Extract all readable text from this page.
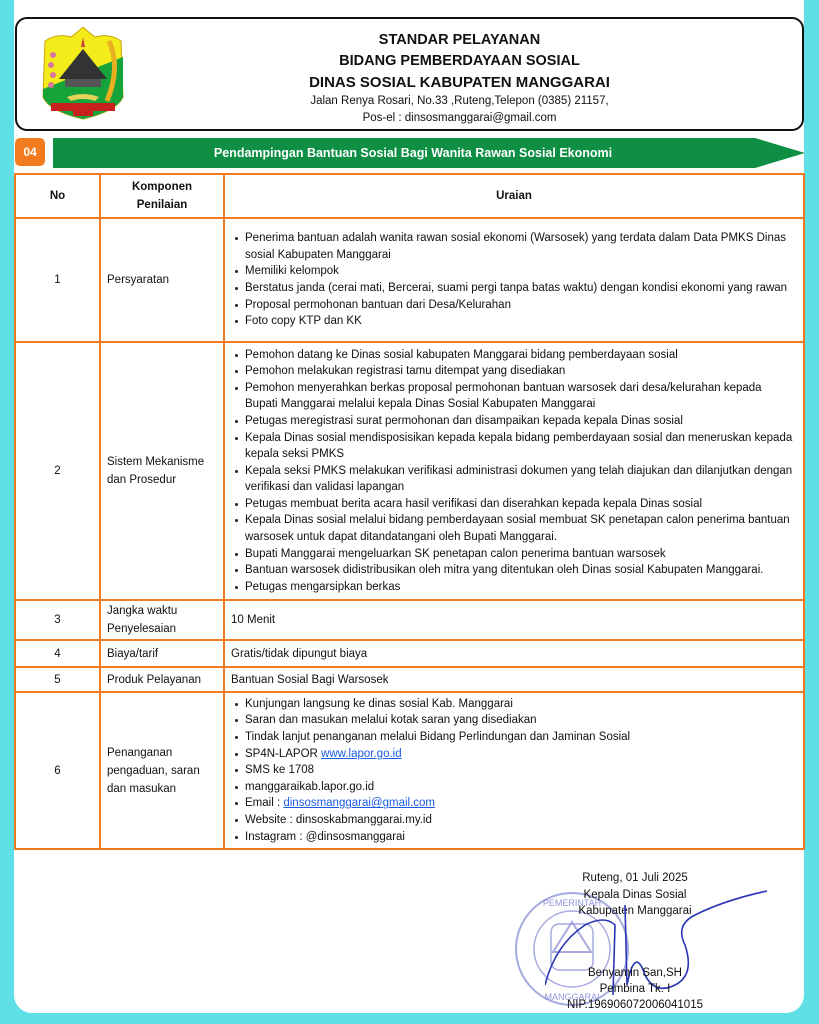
STANDAR PELAYANAN
BIDANG PEMBERDAYAAN SOSIAL
DINAS SOSIAL KABUPATEN MANGGARAI
Jalan Renya Rosari, No.33 ,Ruteng,Telepon (0385) 21157,
Pos-el : dinsosmanggarai@gmail.com
04	Pendampingan Bantuan Sosial Bagi Wanita Rawan Sosial Ekonomi
No	Komponen Penilaian	Uraian
1	Persyaratan	
Penerima bantuan adalah wanita rawan sosial ekonomi (Warsosek) yang terdata dalam Data PMKS Dinas sosial Kabupaten Manggarai
Memiliki kelompok
Berstatus janda (cerai mati, Bercerai, suami pergi tanpa batas waktu) dengan kondisi ekonomi yang rawan
Proposal permohonan bantuan dari Desa/Kelurahan
Foto copy KTP dan KK

2	Sistem Mekanisme dan Prosedur	
Pemohon datang ke Dinas sosial kabupaten Manggarai bidang pemberdayaan sosial
Pemohon melakukan registrasi tamu ditempat yang disediakan
Pemohon menyerahkan berkas proposal permohonan bantuan warsosek dari desa/kelurahan kepada Bupati Manggarai melalui kepala Dinas Sosial Kabupaten Manggarai
Petugas meregistrasi surat permohonan dan disampaikan kepada kepala Dinas sosial
Kepala Dinas sosial mendisposisikan kepada kepala bidang pemberdayaan sosial dan meneruskan kepada kepala seksi PMKS
Kepala seksi PMKS melakukan verifikasi administrasi dokumen yang telah diajukan dan dilanjutkan dengan verifikasi dan validasi lapangan
Petugas membuat berita acara hasil verifikasi dan diserahkan kepada kepala Dinas sosial
Kepala Dinas sosial melalui bidang pemberdayaan sosial membuat SK penetapan calon penerima bantuan warsosek untuk dapat ditandatangani oleh Bupati Manggarai.
Bupati Manggarai mengeluarkan SK penetapan calon penerima bantuan warsosek
Bantuan warsosek didistribusikan oleh mitra yang ditentukan oleh Dinas sosial Kabupaten Manggarai.
Petugas mengarsipkan berkas

3	Jangka waktu Penyelesaian	10 Menit
4	Biaya/tarif	Gratis/tidak dipungut biaya
5	Produk Pelayanan	Bantuan Sosial Bagi Warsosek
6	Penanganan pengaduan, saran dan masukan	
Kunjungan langsung ke dinas sosial Kab. Manggarai
Saran dan masukan melalui kotak saran yang disediakan
Tindak lanjut penanganan melalui Bidang Perlindungan dan Jaminan Sosial
SP4N-LAPOR www.lapor.go.id
SMS ke 1708
manggaraikab.lapor.go.id
Email : dinsosmanggarai@gmail.com
Website : dinsoskabmanggarai.my.id
Instagram : @dinsosmanggarai
PEMERINTAH
MANGGARAI
Ruteng, 01 Juli 2025
Kepala Dinas Sosial
Kabupaten Manggarai
Benyamin San,SH
Pembina Tk. I
NIP.196906072006041015
